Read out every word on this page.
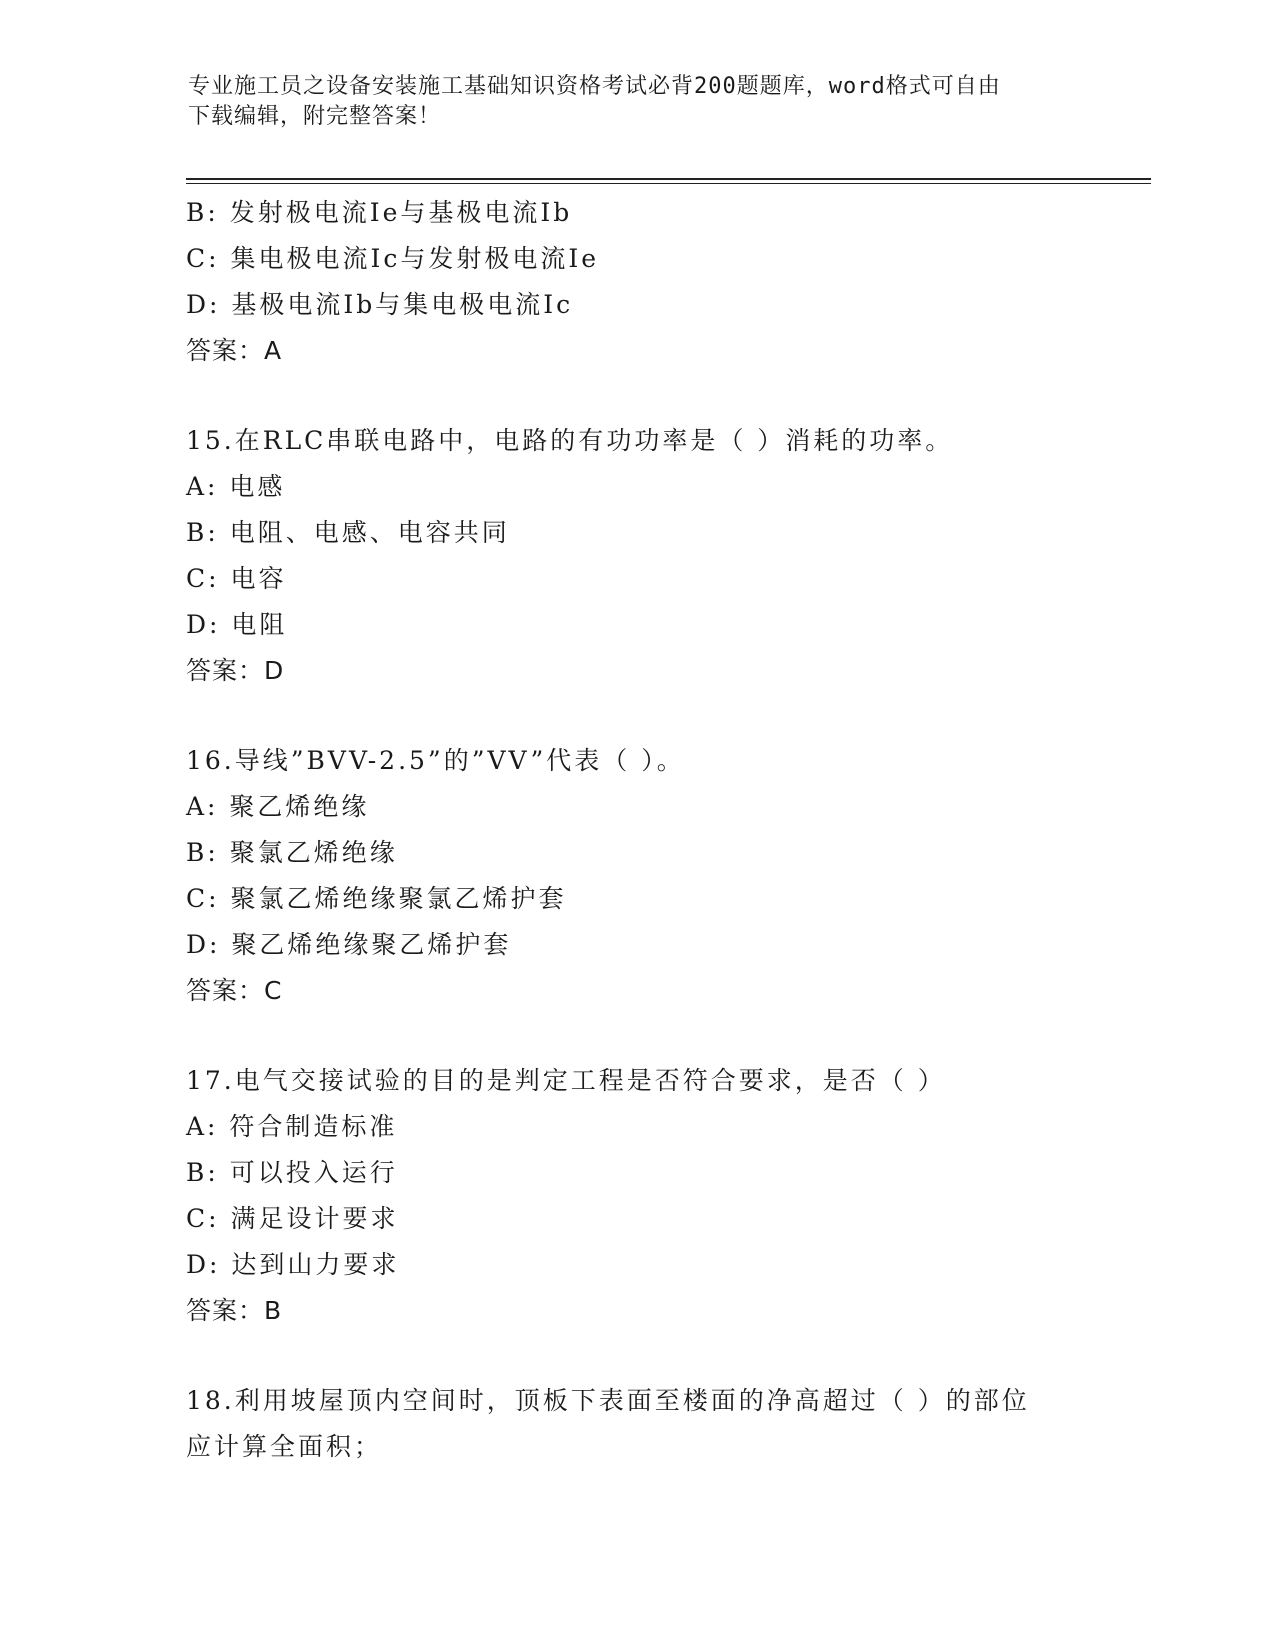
专业施工员之设备安装施工基础知识资格考试必背200题题库，word格式可自由
下载编辑，附完整答案！
B: 发射极电流Ie与基极电流Ib
C: 集电极电流Ic与发射极电流Ie
D: 基极电流Ib与集电极电流Ic
答案：A
15.在RLC串联电路中，电路的有功功率是（ ）消耗的功率。
A: 电感
B: 电阻、电感、电容共同
C: 电容
D: 电阻
答案：D
16.导线”BVV-2.5”的”VV”代表（ ）。
A: 聚乙烯绝缘
B: 聚氯乙烯绝缘
C: 聚氯乙烯绝缘聚氯乙烯护套
D: 聚乙烯绝缘聚乙烯护套
答案：C
17.电气交接试验的目的是判定工程是否符合要求，是否（ ）
A: 符合制造标准
B: 可以投入运行
C: 满足设计要求
D: 达到山力要求
答案：B
18.利用坡屋顶内空间时，顶板下表面至楼面的净高超过（ ）的部位
应计算全面积；
